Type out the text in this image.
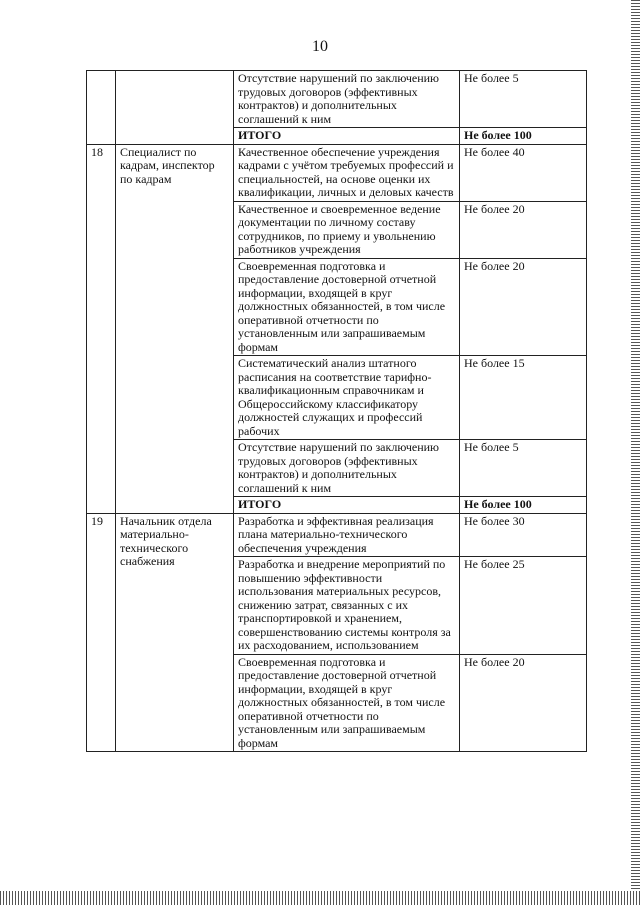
10
		Отсутствие нарушений по заключению трудовых договоров (эффективных контрактов) и дополнительных соглашений к ним	Не более 5
		ИТОГО	Не более 100
18	Специалист по кадрам, инспектор по кадрам	Качественное обеспечение учреждения кадрами с учётом требуемых профессий и специальностей, на основе оценки их квалификации, личных и деловых качеств	Не более 40
		Качественное и своевременное ведение документации по личному составу сотрудников, по приему и увольнению работников учреждения	Не более 20
		Своевременная подготовка и предоставление достоверной отчетной информации, входящей в круг должностных обязанностей, в том числе оперативной отчетности по установленным или запрашиваемым формам	Не более 20
		Систематический анализ штатного расписания на соответствие тарифно-квалификационным справочникам и Общероссийскому классификатору должностей служащих и профессий рабочих	Не более 15
		Отсутствие нарушений по заключению трудовых договоров (эффективных контрактов) и дополнительных соглашений к ним	Не более 5
		ИТОГО	Не более 100
19	Начальник отдела материально-технического снабжения	Разработка и эффективная реализация плана материально-технического обеспечения учреждения	Не более 30
		Разработка и внедрение мероприятий по повышению эффективности использования материальных ресурсов, снижению затрат, связанных с их транспортировкой и хранением, совершенствованию системы контроля за их расходованием, использованием	Не более 25
		Своевременная подготовка и предоставление достоверной отчетной информации, входящей в круг должностных обязанностей, в том числе оперативной отчетности по установленным или запрашиваемым формам	Не более 20
